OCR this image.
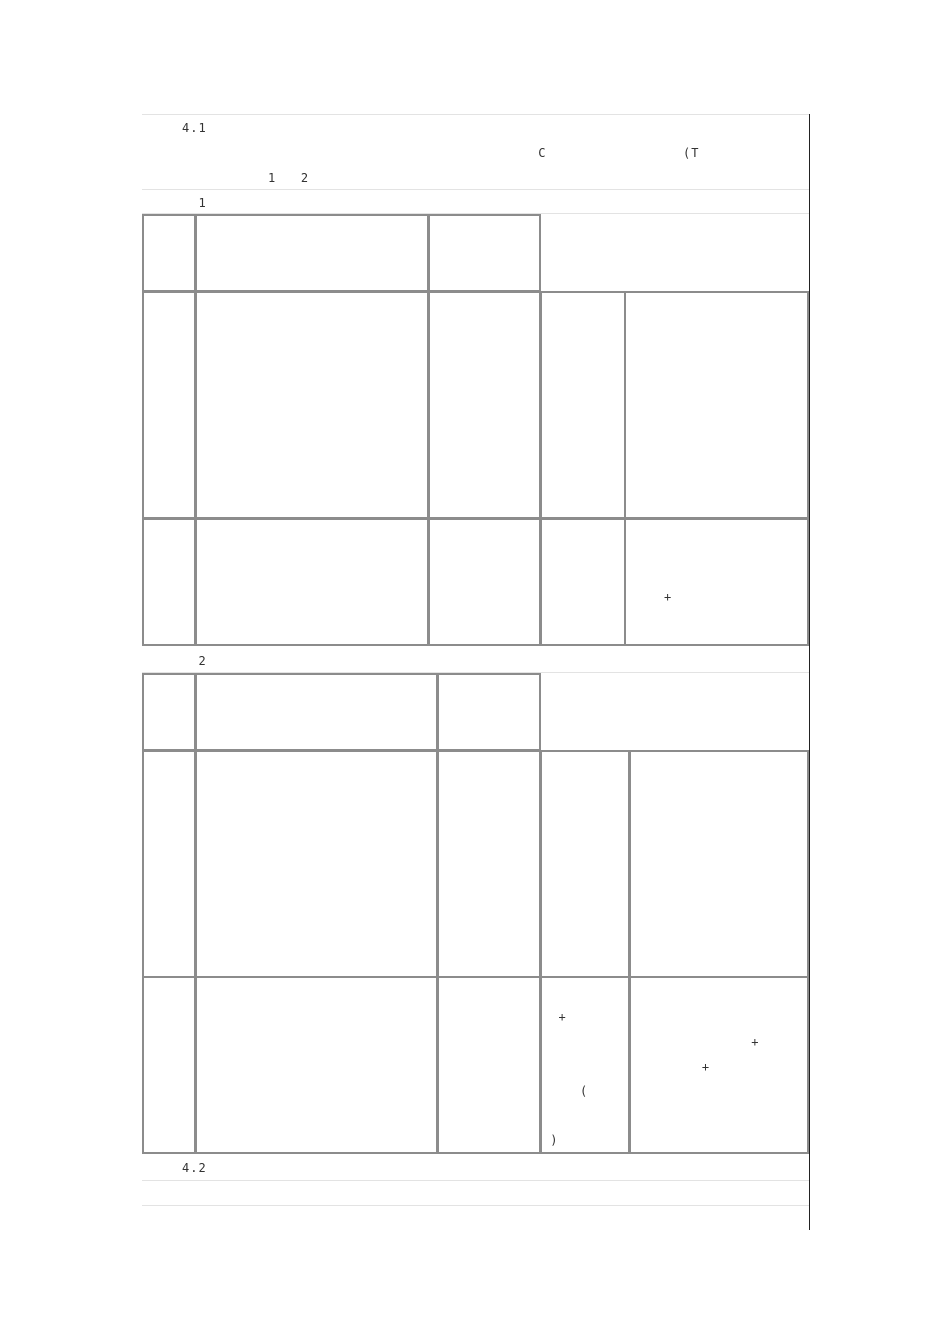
4.1
C	(T
1   2
1
+
2
+
(
)
+
+
4.2
